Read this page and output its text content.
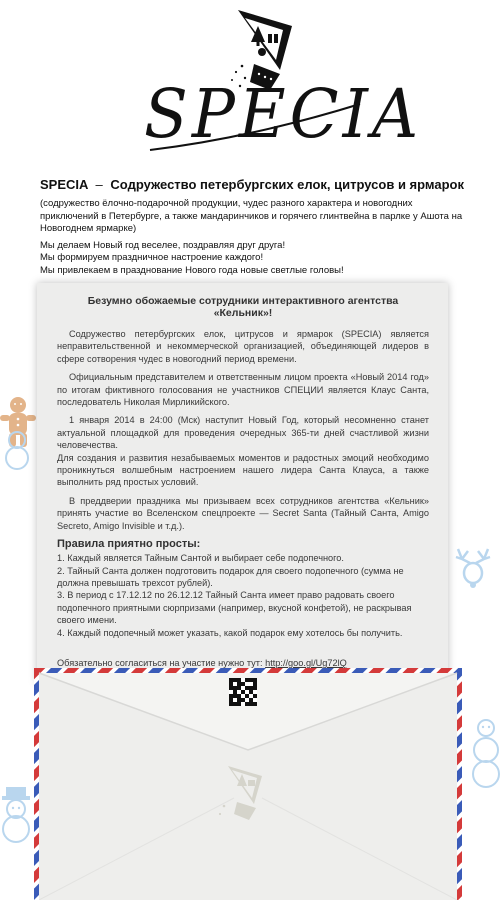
SPECIA
SPECIA – Содружество петербургских елок, цитрусов и ярмарок
(содружество ёлочно-подарочной продукции, чудес разного характера и новогодних приключений в Петербурге, а также мандаринчиков и горячего глинтвейна в парлке у Ашота на Новогоднем ярмарке)
Мы делаем Новый год веселее, поздравляя друг друга!
Мы формируем праздничное настроение каждого!
Мы привлекаем в празднование Нового года новые светлые головы!
Безумно обожаемые сотрудники интерактивного агентства «Кельник»!

Содружество петербургских елок, цитрусов и ярмарок (SPECIA) является неправительственной и некоммерческой организацией, объединяющей лидеров в сфере сотворения чудес в новогодний период времени.

Официальным представителем и ответственным лицом проекта «Новый 2014 год» по итогам фиктивного голосования не участников СПЕЦИИ является Клаус Санта, последователь Николая Мирликийского.

1 января 2014 в 24:00 (Мск) наступит Новый Год, который несомненно станет актуальной площадкой для проведения очередных 365-ти дней счастливой жизни человечества.

Для создания и развития незабываемых моментов и радостных эмоций необходимо проникнуться волшебным настроением нашего лидера Санта Клауса, а также выполнить ряд простых условий.

В преддверии праздника мы призываем всех сотрудников агентства «Кельник» принять участие во Вселенском спецпроекте — Secret Santa (Тайный Санта, Amigo Secreto, Amigo Invisible и т.д.).

Правила приятно просты:
1. Каждый является Тайным Сантой и выбирает себе подопечного.
2. Тайный Санта должен подготовить подарок для своего подопечного (сумма не должна превышать трехсот рублей).
3. В период с 17.12.12 по 26.12.12 Тайный Санта имеет право радовать своего подопечного приятными сюрпризами (например, вкусной конфетой), не раскрывая своего имени.
4. Каждый подопечный может указать, какой подарок ему хотелось бы получить.
Обязательно согласиться на участие нужно тут: http://goo.gl/Ug72lQ
